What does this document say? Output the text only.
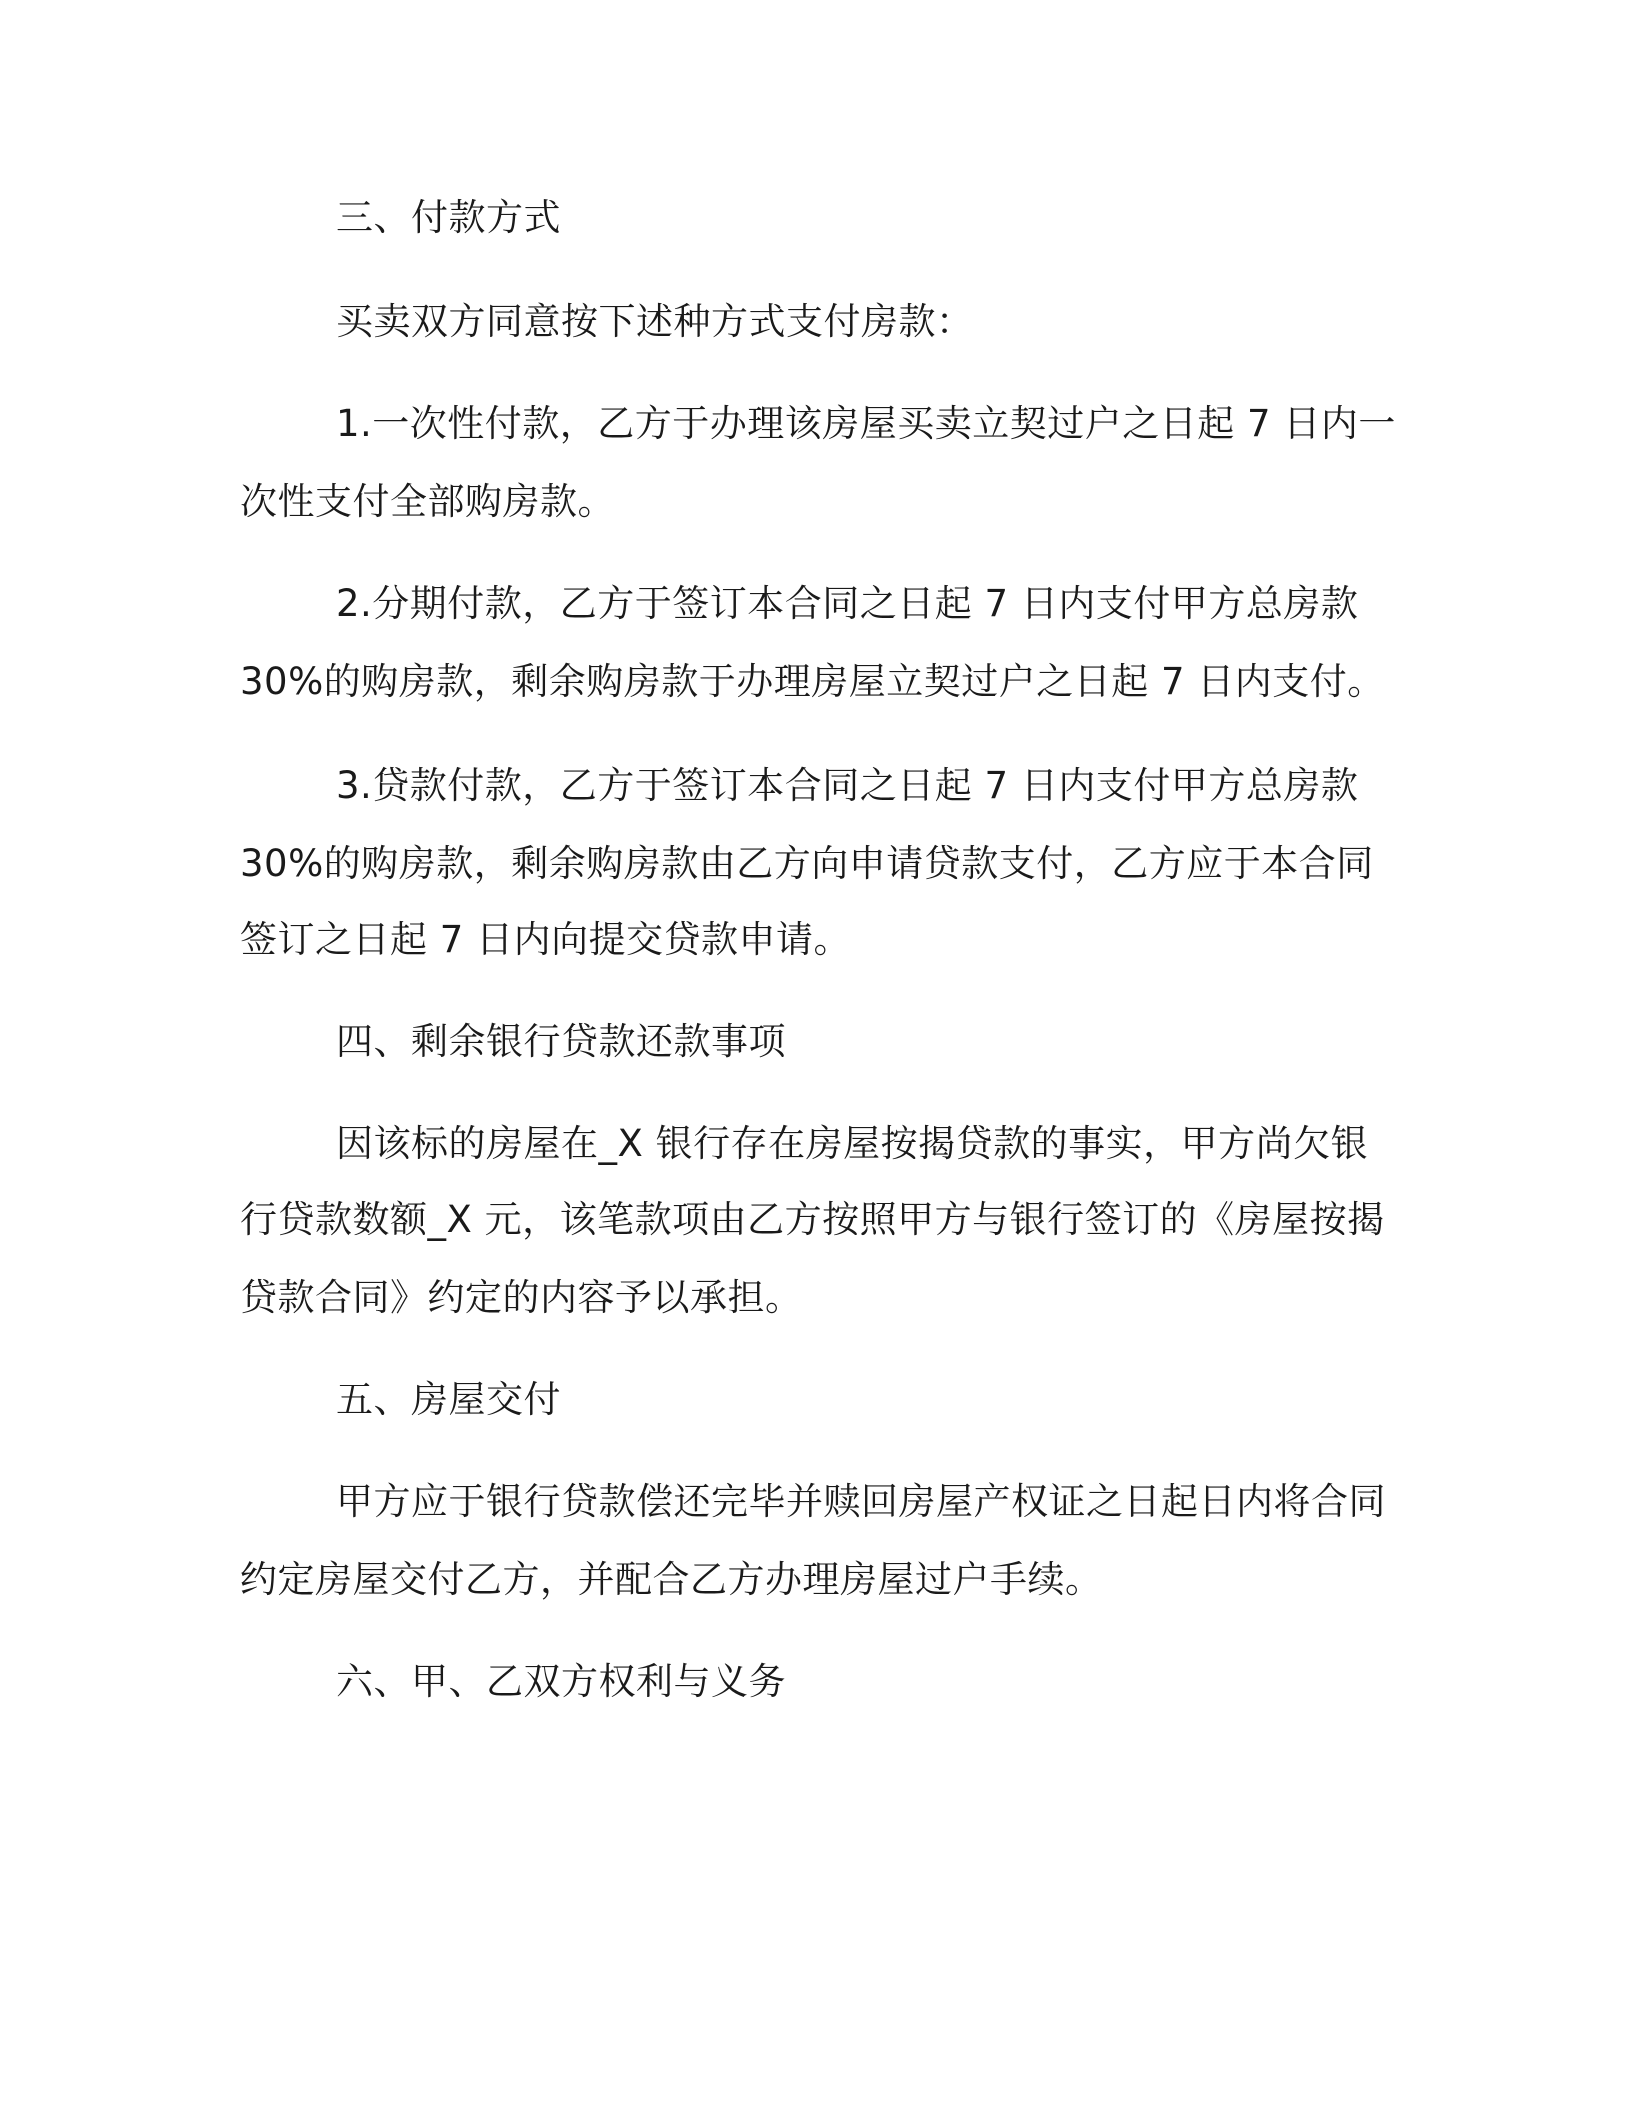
三、付款方式
买卖双方同意按下述种方式支付房款：
1.一次性付款，乙方于办理该房屋买卖立契过户之日起 7 日内一
次性支付全部购房款。
2.分期付款，乙方于签订本合同之日起 7 日内支付甲方总房款
30%的购房款，剩余购房款于办理房屋立契过户之日起 7 日内支付。
3.贷款付款，乙方于签订本合同之日起 7 日内支付甲方总房款
30%的购房款，剩余购房款由乙方向申请贷款支付，乙方应于本合同
签订之日起 7 日内向提交贷款申请。
四、剩余银行贷款还款事项
因该标的房屋在_X 银行存在房屋按揭贷款的事实，甲方尚欠银
行贷款数额_X 元，该笔款项由乙方按照甲方与银行签订的《房屋按揭
贷款合同》约定的内容予以承担。
五、房屋交付
甲方应于银行贷款偿还完毕并赎回房屋产权证之日起日内将合同
约定房屋交付乙方，并配合乙方办理房屋过户手续。
六、甲、乙双方权利与义务
